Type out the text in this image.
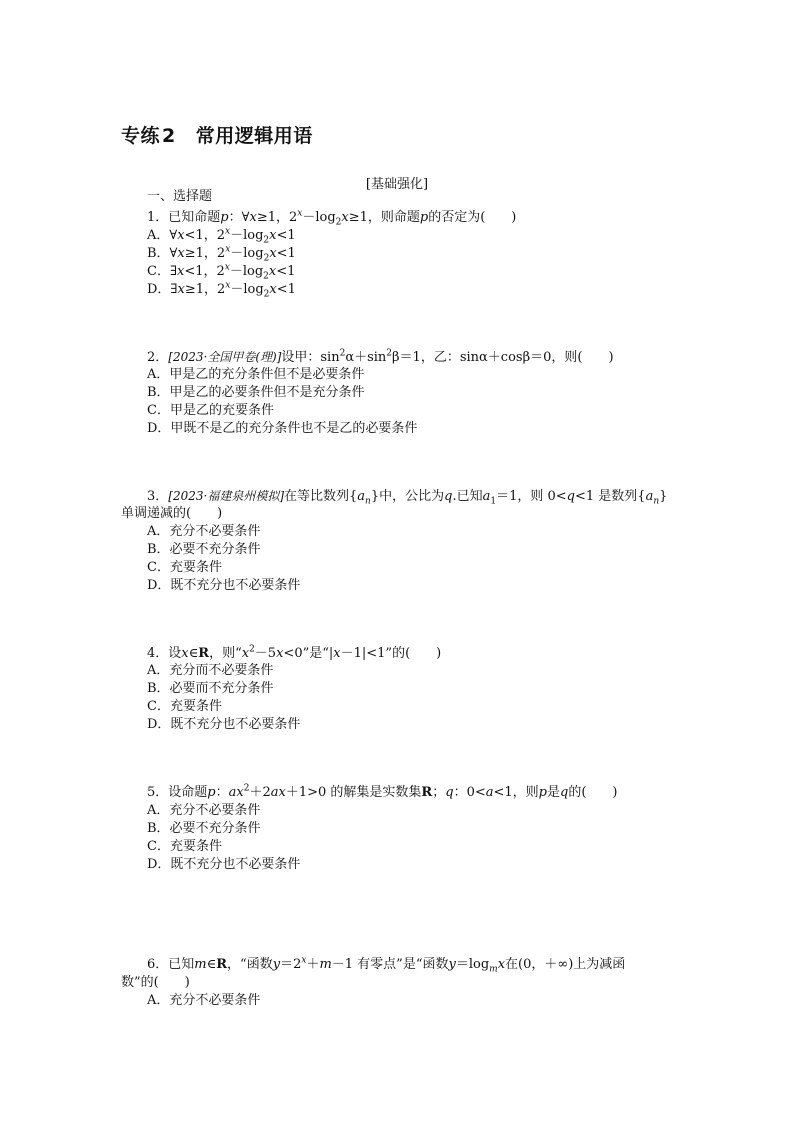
专练 2 常用逻辑用语
[基础强化]
一、选择题
1．已知命题p：∀x≥1，$2^x-\log_2x\ge 1$，则命题p的否定为(　　)
A．∀x<1，$2^x-\log_2x<1$
B．∀x≥1，$2^x-\log_2x<1$
C．∃x<1，$2^x-\log_2x<1$
D．∃x≥1，$2^x-\log_2x<1$
2．[2023·全国甲卷(理)]设甲：$\sin^2\alpha+\sin^2\beta=1$，乙：sinα＋cosβ＝0，则(　　)
A．甲是乙的充分条件但不是必要条件
B．甲是乙的必要条件但不是充分条件
C．甲是乙的充要条件
D．甲既不是乙的充分条件也不是乙的必要条件
3．[2023·福建泉州模拟]在等比数列$\{a_n\}$中，公比为q.已知$a_1=1$，则 0<q<1 是数列$\{a_n\}$
单调递减的(　　)
A．充分不必要条件
B．必要不充分条件
C．充要条件
D．既不充分也不必要条件
4．设x∈R，则“$x^2-5x<0$”是“|x－1|<1”的(　　)
A．充分而不必要条件
B．必要而不充分条件
C．充要条件
D．既不充分也不必要条件
5．设命题p：$ax^2+2ax+1>0$ 的解集是实数集R；q：0<a<1，则p是q的(　　)
A．充分不必要条件
B．必要不充分条件
C．充要条件
D．既不充分也不必要条件
6．已知m∈R，“函数$y=2^x+m-1$ 有零点”是“函数$y=\log_mx$在(0，＋∞)上为减函
数”的(　　)
A．充分不必要条件
